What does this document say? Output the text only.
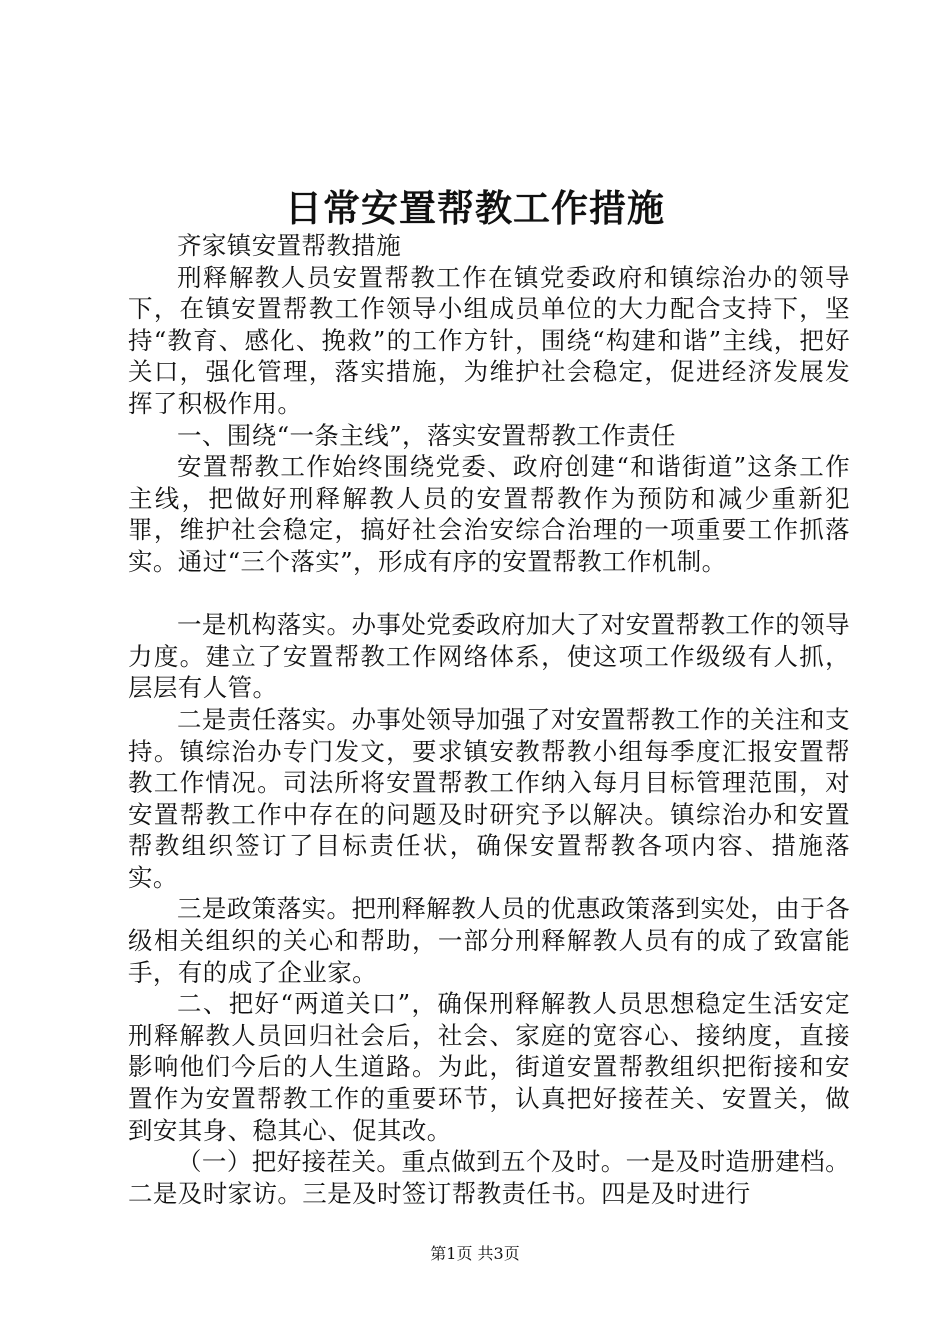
日常安置帮教工作措施

齐家镇安置帮教措施

刑释解教人员安置帮教工作在镇党委政府和镇综治办的领导下，在镇安置帮教工作领导小组成员单位的大力配合支持下，坚持“教育、感化、挽救”的工作方针，围绕“构建和谐”主线，把好关口，强化管理，落实措施，为维护社会稳定，促进经济发展发挥了积极作用。

一、围绕“一条主线”，落实安置帮教工作责任

安置帮教工作始终围绕党委、政府创建“和谐街道”这条工作主线，把做好刑释解教人员的安置帮教作为预防和减少重新犯罪，维护社会稳定，搞好社会治安综合治理的一项重要工作抓落实。通过“三个落实”，形成有序的安置帮教工作机制。

一是机构落实。办事处党委政府加大了对安置帮教工作的领导力度。建立了安置帮教工作网络体系，使这项工作级级有人抓，层层有人管。

二是责任落实。办事处领导加强了对安置帮教工作的关注和支持。镇综治办专门发文，要求镇安教帮教小组每季度汇报安置帮教工作情况。司法所将安置帮教工作纳入每月目标管理范围，对安置帮教工作中存在的问题及时研究予以解决。镇综治办和安置帮教组织签订了目标责任状，确保安置帮教各项内容、措施落实。

三是政策落实。把刑释解教人员的优惠政策落到实处，由于各级相关组织的关心和帮助，一部分刑释解教人员有的成了致富能手，有的成了企业家。

二、把好“两道关口”，确保刑释解教人员思想稳定生活安定刑释解教人员回归社会后，社会、家庭的宽容心、接纳度，直接影响他们今后的人生道路。为此，街道安置帮教组织把衔接和安置作为安置帮教工作的重要环节，认真把好接茬关、安置关，做到安其身、稳其心、促其改。

（一）把好接茬关。重点做到五个及时。一是及时造册建档。二是及时家访。三是及时签订帮教责任书。四是及时进行

第1页 共3页
